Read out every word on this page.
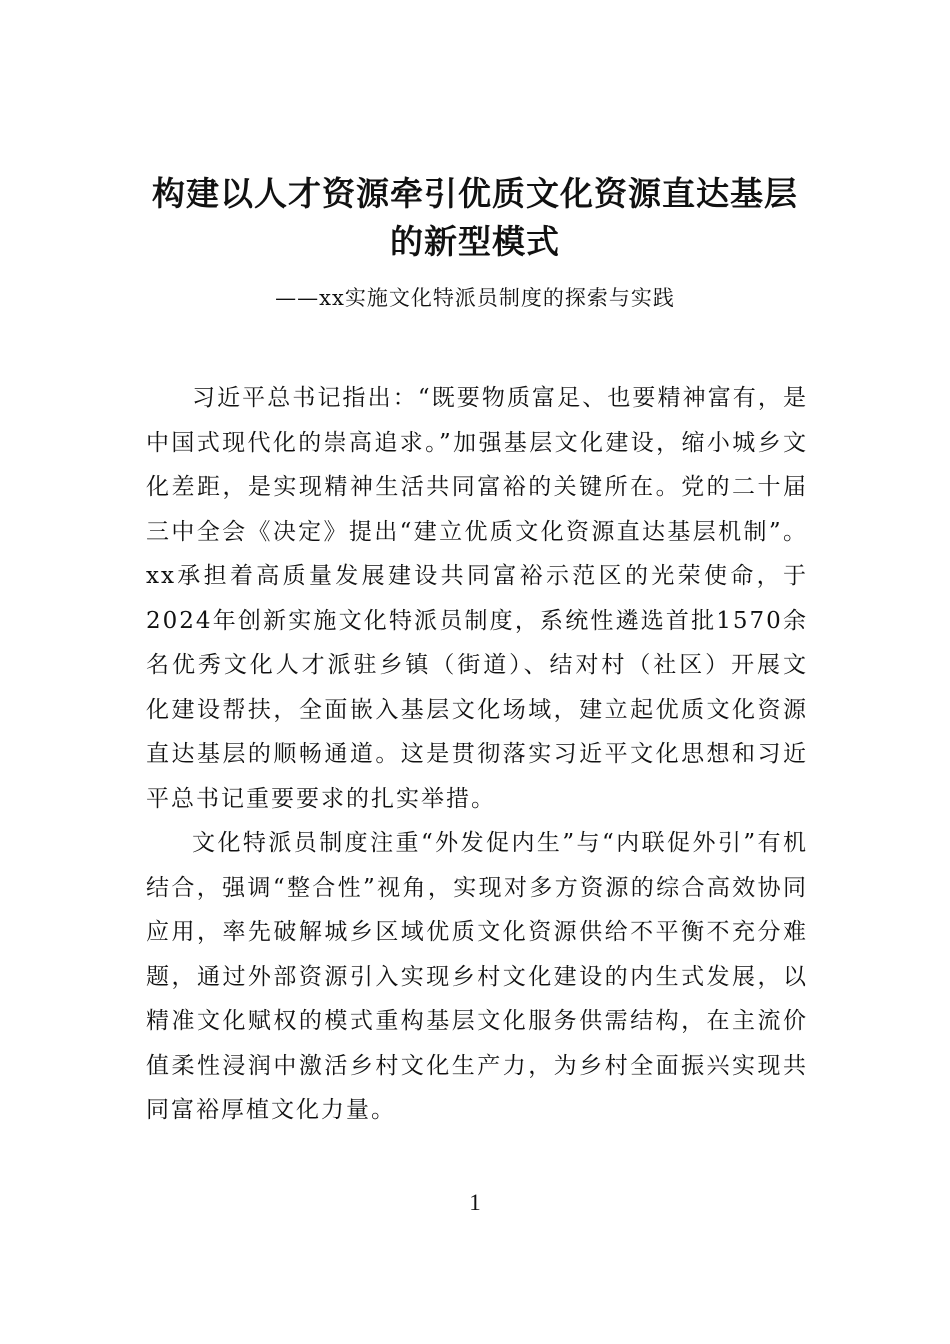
构建以人才资源牵引优质文化资源直达基层的新型模式

——xx实施文化特派员制度的探索与实践

习近平总书记指出：“既要物质富足、也要精神富有，是中国式现代化的崇高追求。”加强基层文化建设，缩小城乡文化差距，是实现精神生活共同富裕的关键所在。党的二十届三中全会《决定》提出“建立优质文化资源直达基层机制”。xx承担着高质量发展建设共同富裕示范区的光荣使命，于2024年创新实施文化特派员制度，系统性遴选首批1570余名优秀文化人才派驻乡镇（街道）、结对村（社区）开展文化建设帮扶，全面嵌入基层文化场域，建立起优质文化资源直达基层的顺畅通道。这是贯彻落实习近平文化思想和习近平总书记重要要求的扎实举措。

文化特派员制度注重“外发促内生”与“内联促外引”有机结合，强调“整合性”视角，实现对多方资源的综合高效协同应用，率先破解城乡区域优质文化资源供给不平衡不充分难题，通过外部资源引入实现乡村文化建设的内生式发展，以精准文化赋权的模式重构基层文化服务供需结构，在主流价值柔性浸润中激活乡村文化生产力，为乡村全面振兴实现共同富裕厚植文化力量。

1
